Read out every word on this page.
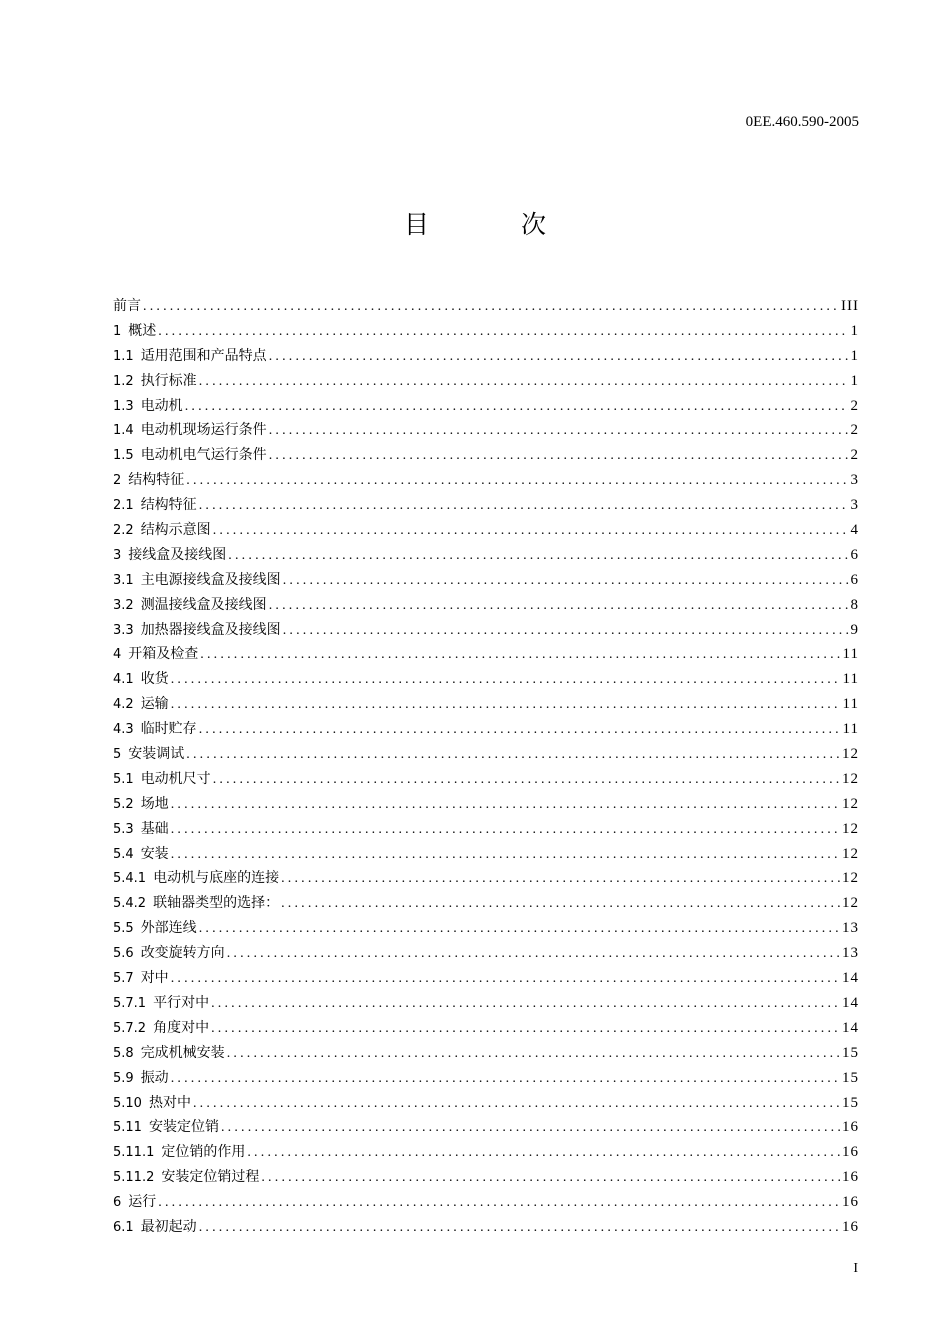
0EE.460.590-2005
目 次
前言 .....	III
1 概述 .....	1
1.1 适用范围和产品特点 .....	1
1.2 执行标准 .....	1
1.3 电动机 .....	2
1.4 电动机现场运行条件 .....	2
1.5 电动机电气运行条件 .....	2
2 结构特征 .....	3
2.1 结构特征 .....	3
2.2 结构示意图 .....	4
3 接线盒及接线图 .....	6
3.1 主电源接线盒及接线图 .....	6
3.2 测温接线盒及接线图 .....	8
3.3 加热器接线盒及接线图 .....	9
4 开箱及检查 .....	11
4.1 收货 .....	11
4.2 运输 .....	11
4.3 临时贮存 .....	11
5 安装调试 .....	12
5.1 电动机尺寸 .....	12
5.2 场地 .....	12
5.3 基础 .....	12
5.4 安装 .....	12
5.4.1 电动机与底座的连接 .....	12
5.4.2 联轴器类型的选择： .....	12
5.5 外部连线 .....	13
5.6 改变旋转方向 .....	13
5.7 对中 .....	14
5.7.1 平行对中 .....	14
5.7.2 角度对中 .....	14
5.8 完成机械安装 .....	15
5.9 振动 .....	15
5.10 热对中 .....	15
5.11 安装定位销 .....	16
5.11.1 定位销的作用 .....	16
5.11.2 安装定位销过程 .....	16
6 运行 .....	16
6.1 最初起动 .....	16
I
